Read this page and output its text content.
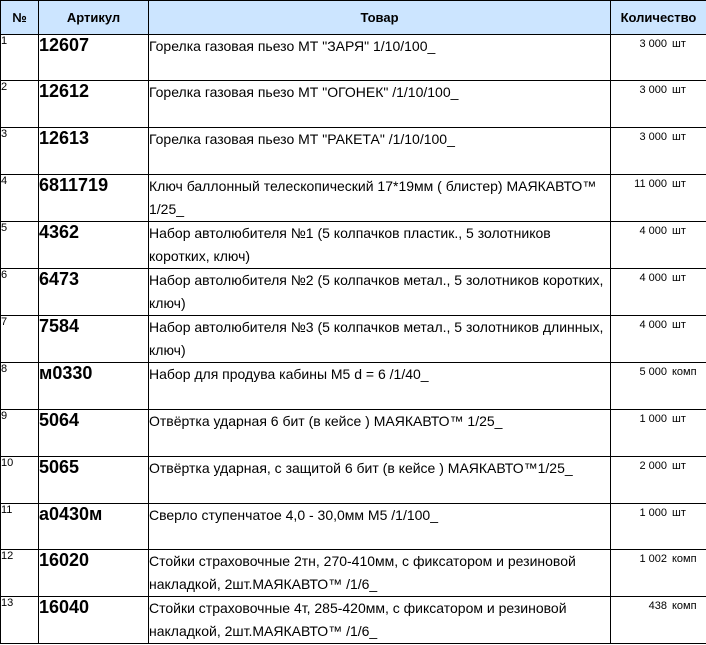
№	Артикул	Товар	Количество
1	12607	Горелка газовая пьезо МТ "ЗАРЯ" 1/10/100_	3 000 шт

2	12612	Горелка газовая пьезо МТ "ОГОНЕК" /1/10/100_	3 000 шт

3	12613	Горелка газовая пьезо МТ "РАКЕТА" /1/10/100_	3 000 шт

4	6811719	Ключ баллонный телескопический 17*19мм ( блистер) МАЯКАВТО™ 1/25_	11 000 шт

5	4362	Набор автолюбителя №1 (5 колпачков пластик., 5 золотников коротких, ключ)	4 000 шт

6	6473	Набор автолюбителя №2 (5 колпачков метал., 5 золотников коротких, ключ)	4 000 шт

7	7584	Набор автолюбителя №3 (5 колпачков метал., 5 золотников длинных, ключ)	4 000 шт

8	м0330	Набор для продува кабины М5 d = 6 /1/40_	5 000 комп

9	5064	Отвёртка ударная 6 бит (в кейсе ) МАЯКАВТО™ 1/25_	1 000 шт

10	5065	Отвёртка ударная, с защитой 6 бит (в кейсе ) МАЯКАВТО™1/25_	2 000 шт

11	а0430м	Сверло ступенчатое 4,0 - 30,0мм М5 /1/100_	1 000 шт

12	16020	Стойки страховочные 2тн, 270-410мм, с фиксатором и резиновой накладкой, 2шт.МАЯКАВТО™ /1/6_	1 002 комп

13	16040	Стойки страховочные 4т, 285-420мм, с фиксатором и резиновой накладкой, 2шт.МАЯКАВТО™ /1/6_	438 комп
